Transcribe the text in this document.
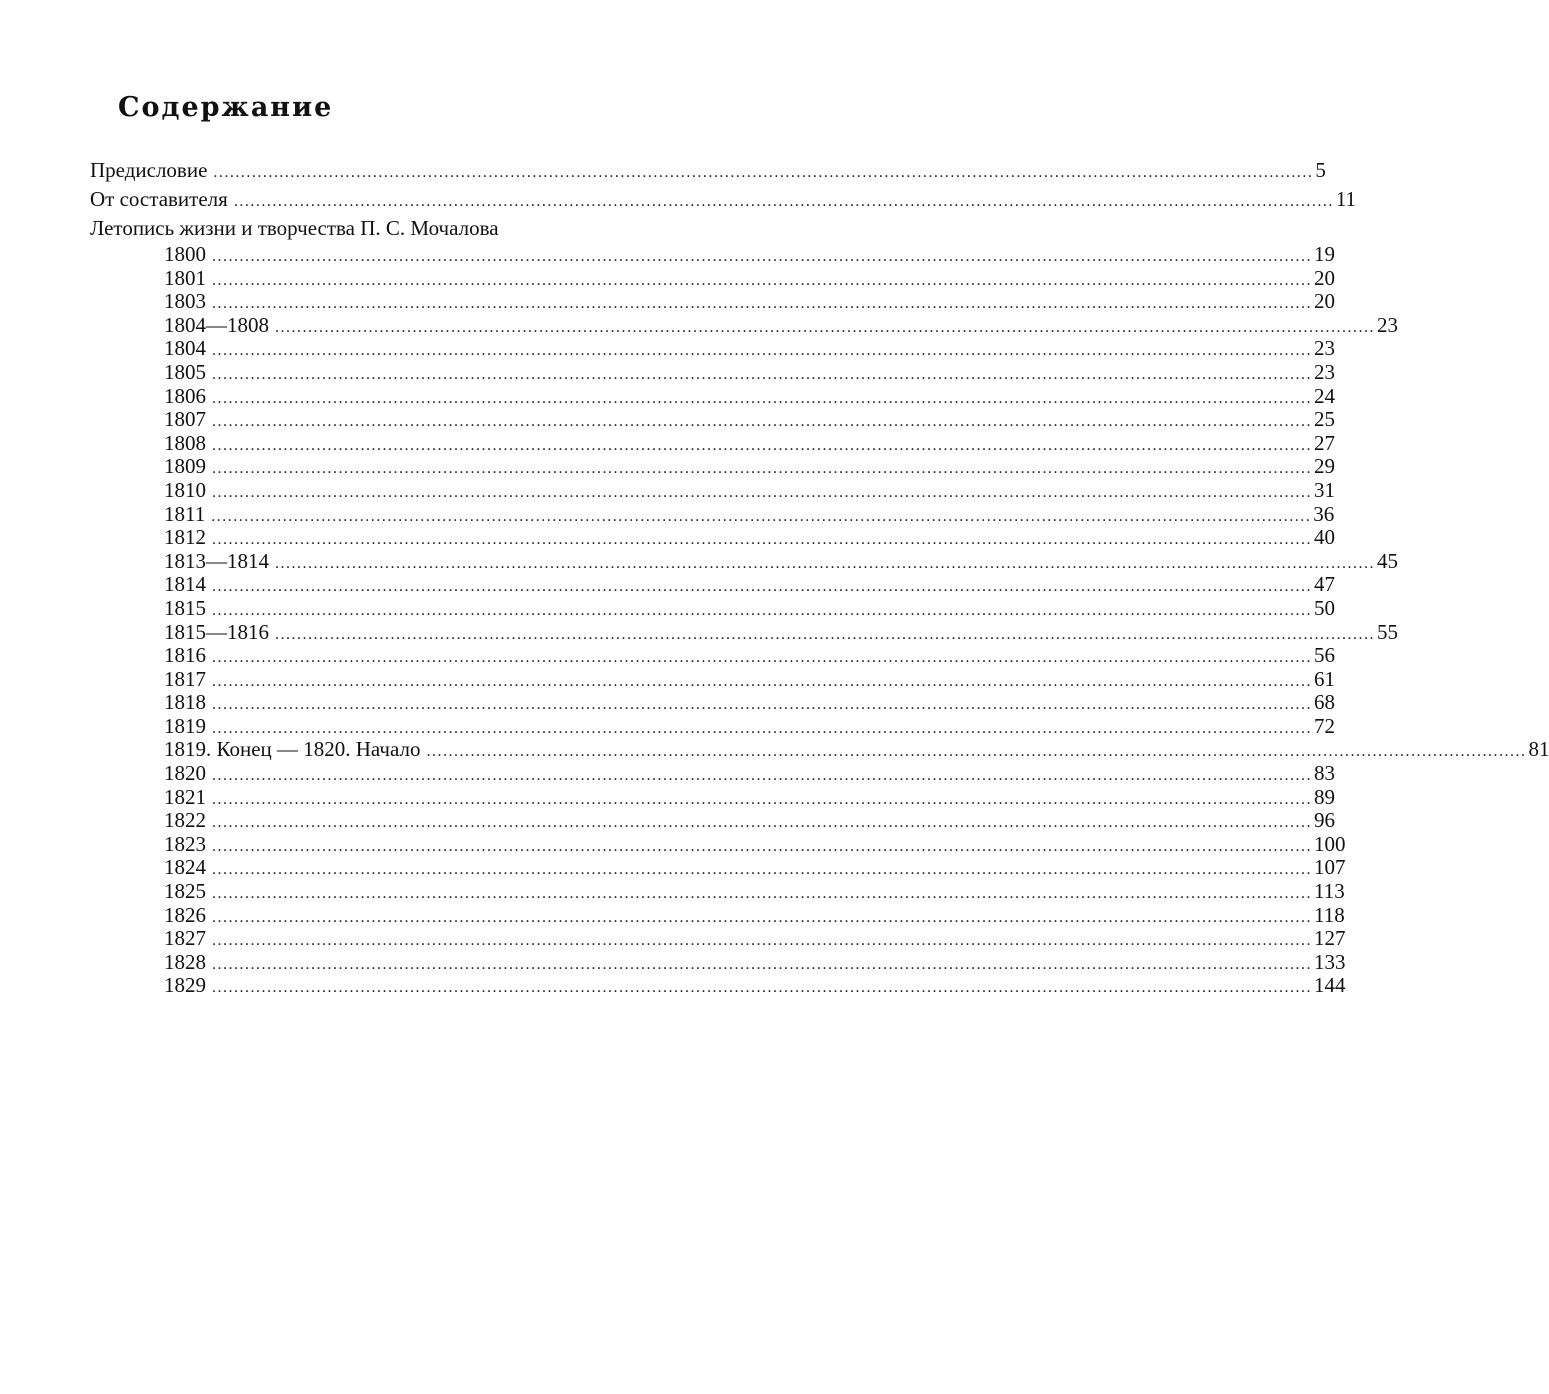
Содержание
Предисловие ........................................................................................................................................................................................................ 5
От составителя ........................................................................................................................................................................................................ 11
Летопись жизни и творчества П. С. Мочалова
1800 ........................................................................................................................................................................................................ 19
1801 ........................................................................................................................................................................................................ 20
1803 ........................................................................................................................................................................................................ 20
1804—1808 ........................................................................................................................................................................................................ 23
1804 ........................................................................................................................................................................................................ 23
1805 ........................................................................................................................................................................................................ 23
1806 ........................................................................................................................................................................................................ 24
1807 ........................................................................................................................................................................................................ 25
1808 ........................................................................................................................................................................................................ 27
1809 ........................................................................................................................................................................................................ 29
1810 ........................................................................................................................................................................................................ 31
1811 ........................................................................................................................................................................................................ 36
1812 ........................................................................................................................................................................................................ 40
1813—1814 ........................................................................................................................................................................................................ 45
1814 ........................................................................................................................................................................................................ 47
1815 ........................................................................................................................................................................................................ 50
1815—1816 ........................................................................................................................................................................................................ 55
1816 ........................................................................................................................................................................................................ 56
1817 ........................................................................................................................................................................................................ 61
1818 ........................................................................................................................................................................................................ 68
1819 ........................................................................................................................................................................................................ 72
1819. Конец — 1820. Начало ........................................................................................................................................................................................................ 81
1820 ........................................................................................................................................................................................................ 83
1821 ........................................................................................................................................................................................................ 89
1822 ........................................................................................................................................................................................................ 96
1823 ........................................................................................................................................................................................................ 100
1824 ........................................................................................................................................................................................................ 107
1825 ........................................................................................................................................................................................................ 113
1826 ........................................................................................................................................................................................................ 118
1827 ........................................................................................................................................................................................................ 127
1828 ........................................................................................................................................................................................................ 133
1829 ........................................................................................................................................................................................................ 144
